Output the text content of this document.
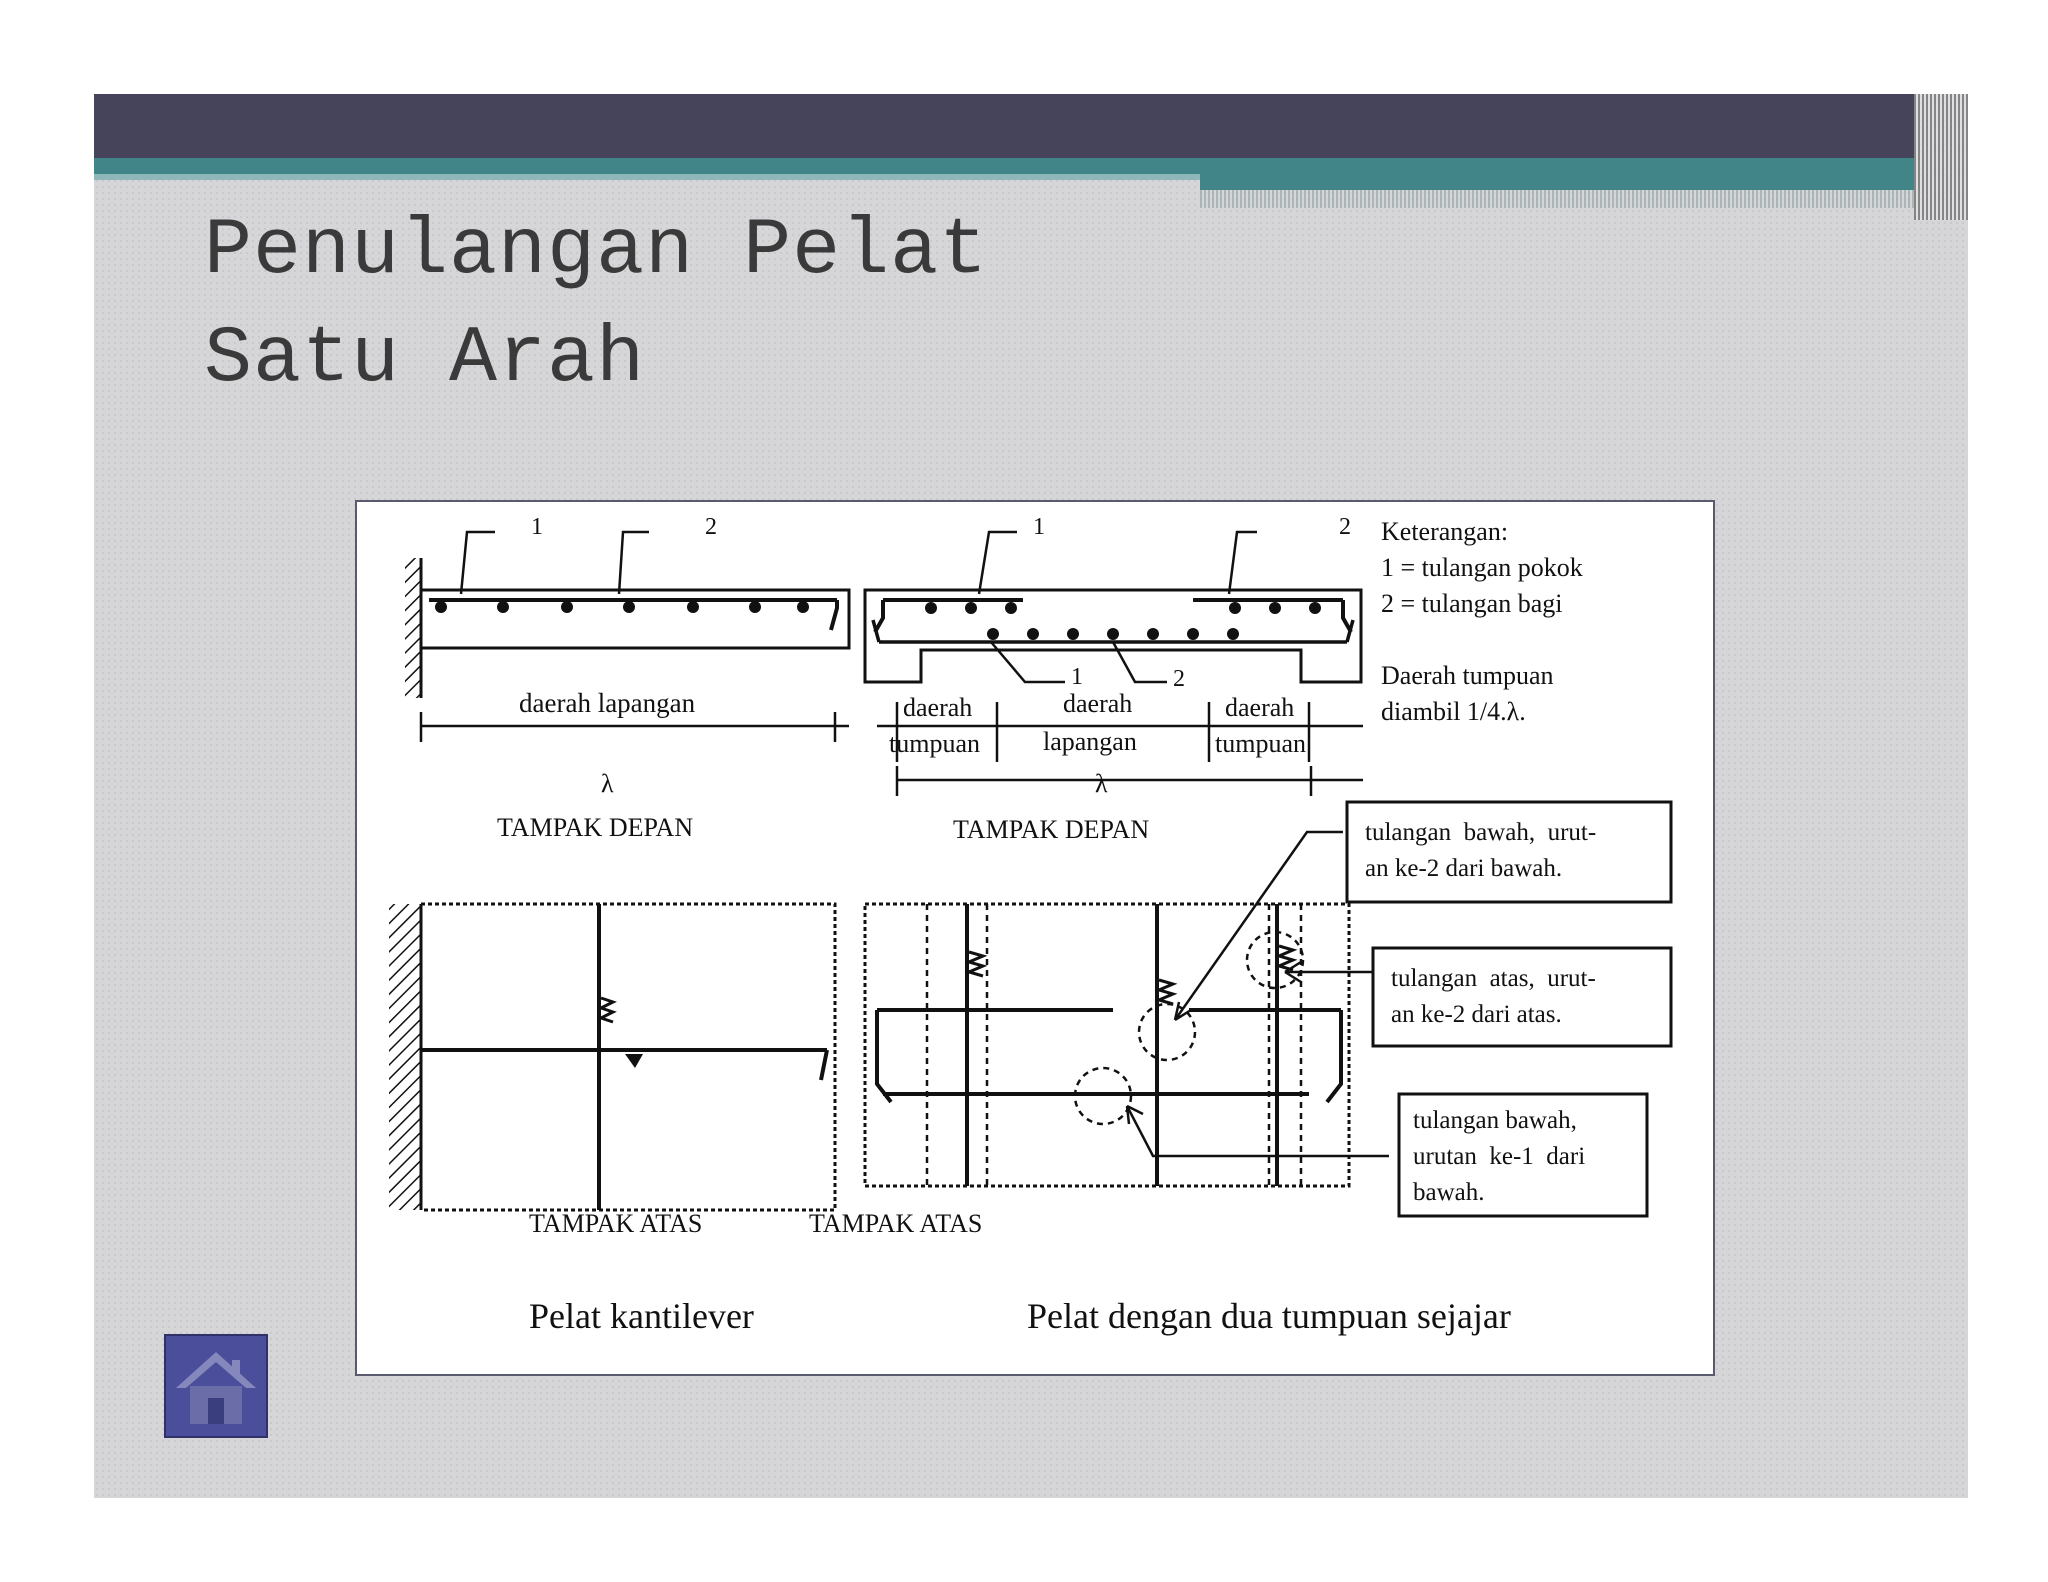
Penulangan Pelat
Satu Arah
1	2
daerah lapangan
λ
TAMPAK DEPAN
1	2
1	2
daerah
tumpuan
daerah
lapangan
daerah
tumpuan
λ
TAMPAK DEPAN
Keterangan:
1 = tulangan pokok
2 = tulangan bagi
Daerah tumpuan
diambil 1/4.λ.
TAMPAK ATAS
Pelat kantilever
TAMPAK ATAS
Pelat dengan dua tumpuan sejajar
tulangan  bawah,  urut-
an ke-2 dari bawah.
tulangan  atas,  urut-
an ke-2 dari atas.
tulangan bawah,
urutan  ke-1  dari
bawah.
